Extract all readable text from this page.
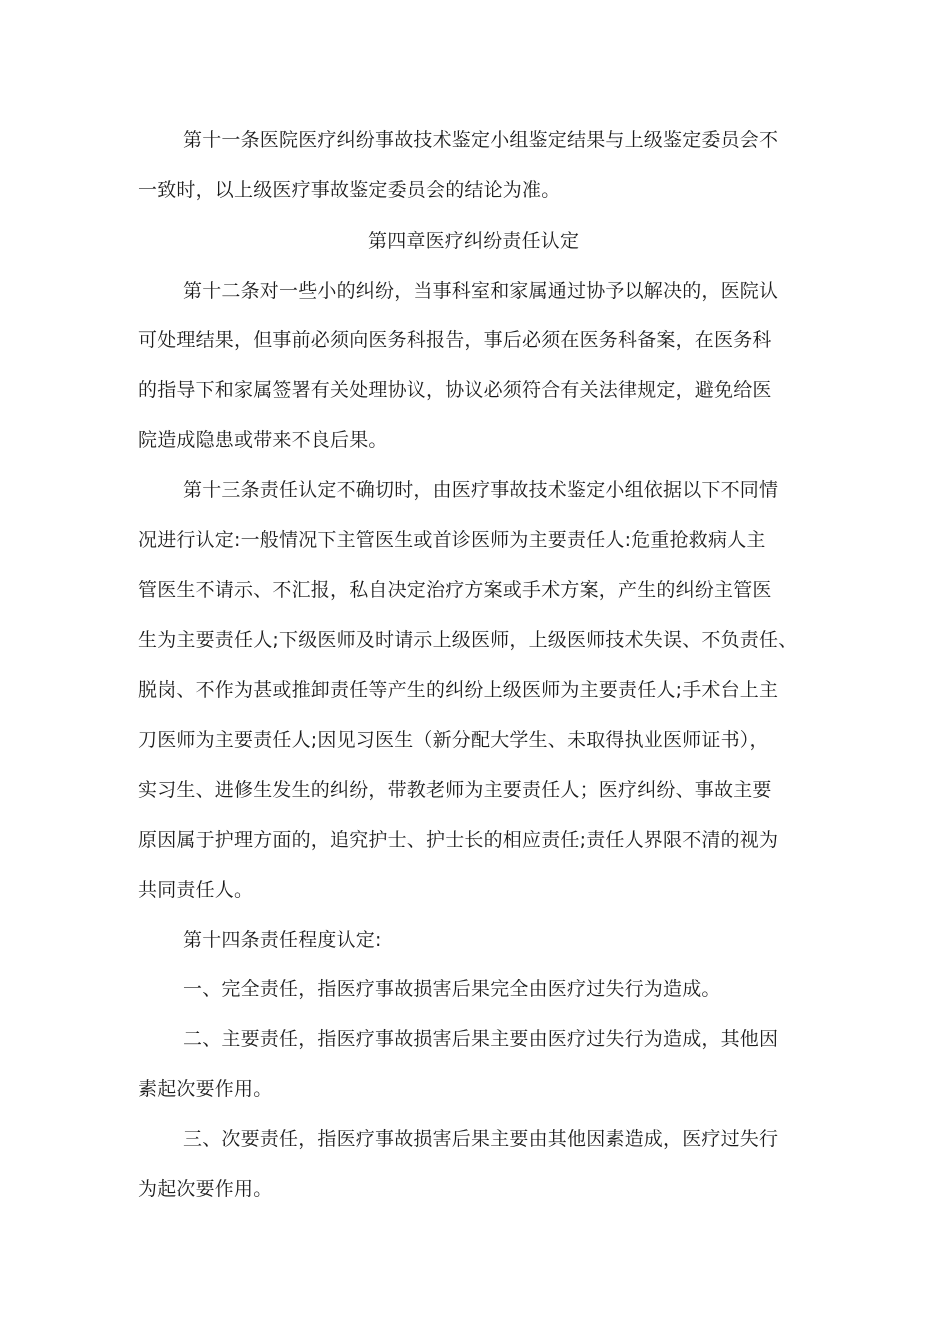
第十一条医院医疗纠纷事故技术鉴定小组鉴定结果与上级鉴定委员会不

一致时，以上级医疗事故鉴定委员会的结论为准。

第四章医疗纠纷责任认定

第十二条对一些小的纠纷，当事科室和家属通过协予以解决的，医院认

可处理结果，但事前必须向医务科报告，事后必须在医务科备案，在医务科

的指导下和家属签署有关处理协议，协议必须符合有关法律规定，避免给医

院造成隐患或带来不良后果。

第十三条责任认定不确切时，由医疗事故技术鉴定小组依据以下不同情

况进行认定:一般情况下主管医生或首诊医师为主要责任人:危重抢救病人主

管医生不请示、不汇报，私自决定治疗方案或手术方案，产生的纠纷主管医

生为主要责任人;下级医师及时请示上级医师，上级医师技术失误、不负责任、

脱岗、不作为甚或推卸责任等产生的纠纷上级医师为主要责任人;手术台上主

刀医师为主要责任人;因见习医生（新分配大学生、未取得执业医师证书），

实习生、进修生发生的纠纷，带教老师为主要责任人；医疗纠纷、事故主要

原因属于护理方面的，追究护士、护士长的相应责任;责任人界限不清的视为

共同责任人。

第十四条责任程度认定:

一、完全责任，指医疗事故损害后果完全由医疗过失行为造成。

二、主要责任，指医疗事故损害后果主要由医疗过失行为造成，其他因

素起次要作用。

三、次要责任，指医疗事故损害后果主要由其他因素造成，医疗过失行

为起次要作用。
